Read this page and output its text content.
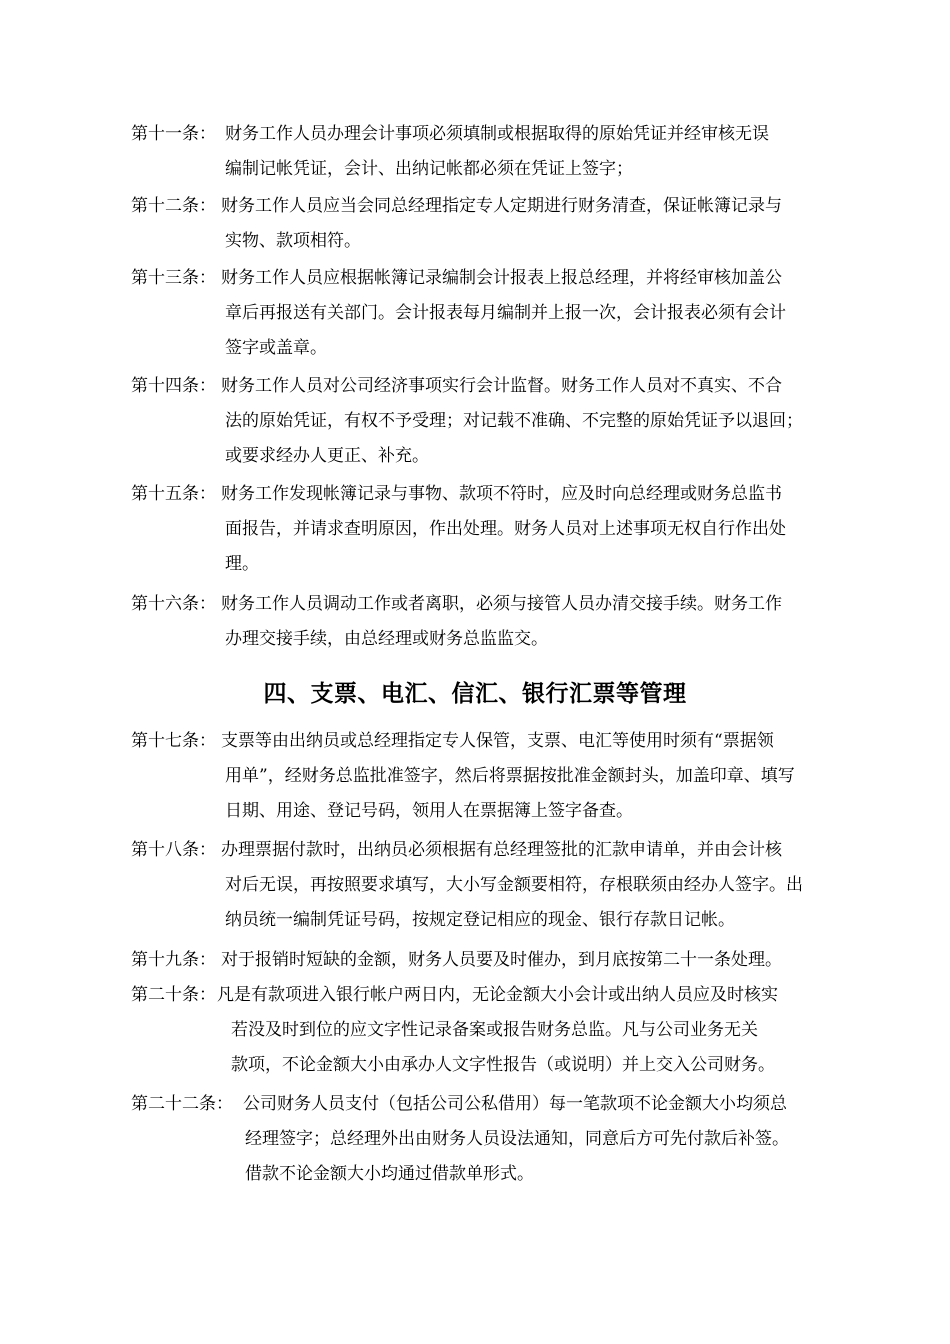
第十一条： 财务工作人员办理会计事项必须填制或根据取得的原始凭证并经审核无误
编制记帐凭证，会计、出纳记帐都必须在凭证上签字；
第十二条： 财务工作人员应当会同总经理指定专人定期进行财务清查，保证帐簿记录与
实物、款项相符。
第十三条： 财务工作人员应根据帐簿记录编制会计报表上报总经理，并将经审核加盖公
章后再报送有关部门。会计报表每月编制并上报一次，会计报表必须有会计
签字或盖章。
第十四条： 财务工作人员对公司经济事项实行会计监督。财务工作人员对不真实、不合
法的原始凭证，有权不予受理；对记载不准确、不完整的原始凭证予以退回；
或要求经办人更正、补充。
第十五条： 财务工作发现帐簿记录与事物、款项不符时，应及时向总经理或财务总监书
面报告，并请求查明原因，作出处理。财务人员对上述事项无权自行作出处
理。
第十六条： 财务工作人员调动工作或者离职，必须与接管人员办清交接手续。财务工作
办理交接手续，由总经理或财务总监监交。
四、支票、电汇、信汇、银行汇票等管理
第十七条： 支票等由出纳员或总经理指定专人保管，支票、电汇等使用时须有“票据领
用单”，经财务总监批准签字，然后将票据按批准金额封头，加盖印章、填写
日期、用途、登记号码，领用人在票据簿上签字备查。
第十八条： 办理票据付款时，出纳员必须根据有总经理签批的汇款申请单，并由会计核
对后无误，再按照要求填写，大小写金额要相符，存根联须由经办人签字。出
纳员统一编制凭证号码，按规定登记相应的现金、银行存款日记帐。
第十九条： 对于报销时短缺的金额，财务人员要及时催办，到月底按第二十一条处理。
第二十条： 凡是有款项进入银行帐户两日内，无论金额大小会计或出纳人员应及时核实
若没及时到位的应文字性记录备案或报告财务总监。凡与公司业务无关
款项，不论金额大小由承办人文字性报告（或说明）并上交入公司财务。
第二十二条： 公司财务人员支付（包括公司公私借用）每一笔款项不论金额大小均须总
经理签字；总经理外出由财务人员设法通知，同意后方可先付款后补签。
借款不论金额大小均通过借款单形式。
